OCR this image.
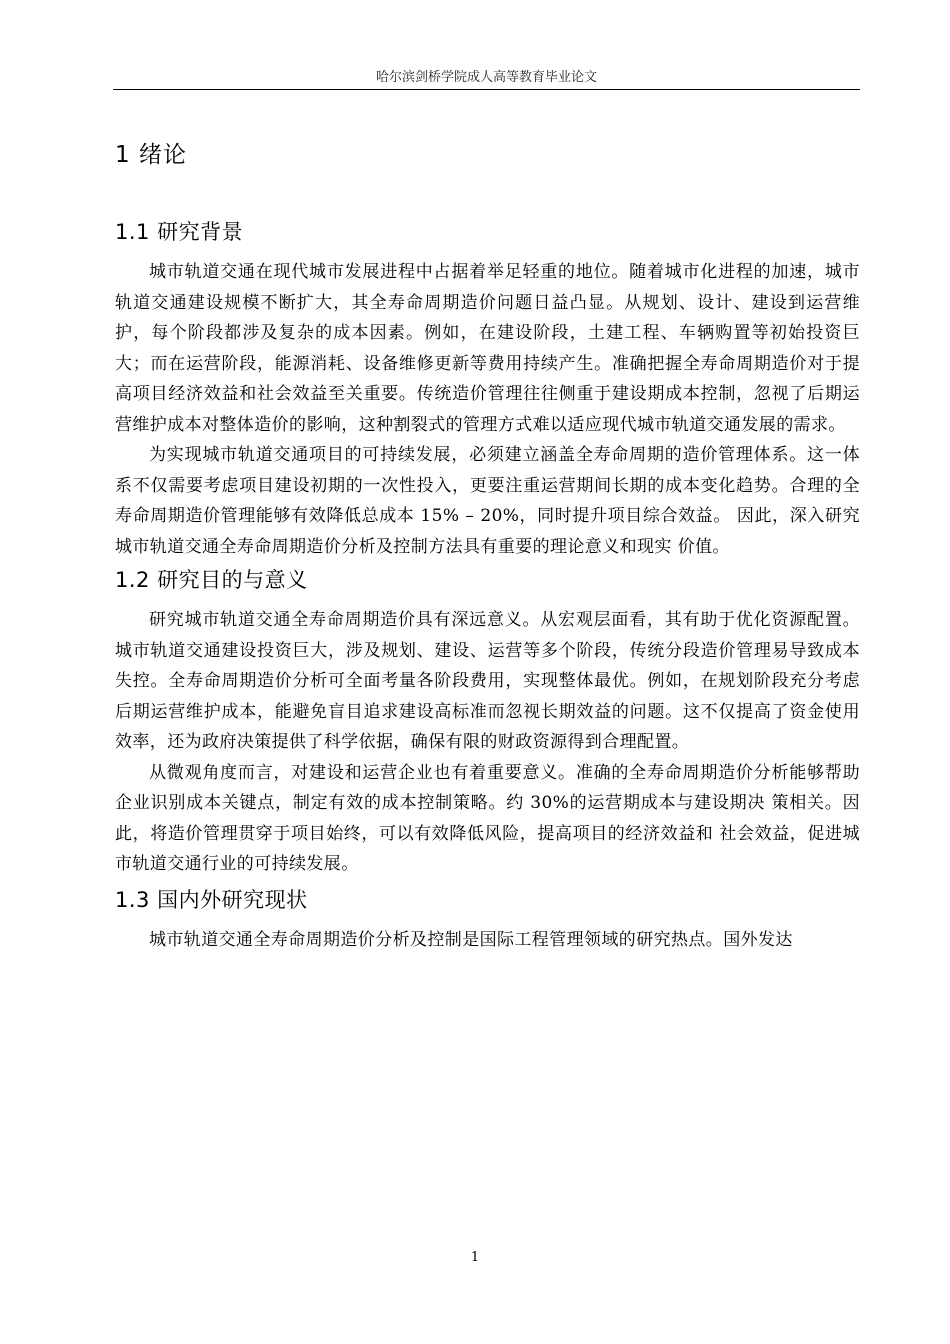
哈尔滨剑桥学院成人高等教育毕业论文
1 绪论
1.1 研究背景

城市轨道交通在现代城市发展进程中占据着举足轻重的地位。随着城市化进程的加速，城市轨道交通建设规模不断扩大，其全寿命周期造价问题日益凸显。从规划、设计、建设到运营维护，每个阶段都涉及复杂的成本因素。例如，在建设阶段，土建工程、车辆购置等初始投资巨大；而在运营阶段，能源消耗、设备维修更新等费用持续产生。准确把握全寿命周期造价对于提高项目经济效益和社会效益至关重要。传统造价管理往往侧重于建设期成本控制，忽视了后期运营维护成本对整体造价的影响，这种割裂式的管理方式难以适应现代城市轨道交通发展的需求。

为实现城市轨道交通项目的可持续发展，必须建立涵盖全寿命周期的造价管理体系。这一体系不仅需要考虑项目建设初期的一次性投入，更要注重运营期间长期的成本变化趋势。合理的全寿命周期造价管理能够有效降低总成本 15% – 20%，同时提升项目综合效益。 因此，深入研究城市轨道交通全寿命周期造价分析及控制方法具有重要的理论意义和现实 价值。

1.2 研究目的与意义

研究城市轨道交通全寿命周期造价具有深远意义。从宏观层面看，其有助于优化资源配置。城市轨道交通建设投资巨大，涉及规划、建设、运营等多个阶段，传统分段造价管理易导致成本失控。全寿命周期造价分析可全面考量各阶段费用，实现整体最优。例如，在规划阶段充分考虑后期运营维护成本，能避免盲目追求建设高标准而忽视长期效益的问题。这不仅提高了资金使用效率，还为政府决策提供了科学依据，确保有限的财政资源得到合理配置。

从微观角度而言，对建设和运营企业也有着重要意义。准确的全寿命周期造价分析能够帮助企业识别成本关键点，制定有效的成本控制策略。约 30%的运营期成本与建设期决 策相关。因此，将造价管理贯穿于项目始终，可以有效降低风险，提高项目的经济效益和 社会效益，促进城市轨道交通行业的可持续发展。

1.3 国内外研究现状

城市轨道交通全寿命周期造价分析及控制是国际工程管理领域的研究热点。国外发达

1
